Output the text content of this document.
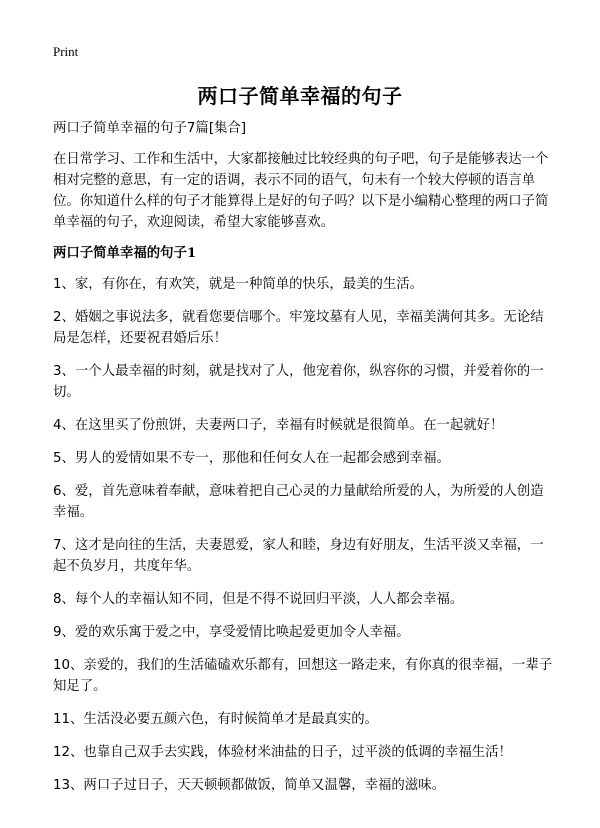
Print
两口子简单幸福的句子

两口子简单幸福的句子7篇[集合]

在日常学习、工作和生活中，大家都接触过比较经典的句子吧，句子是能够表达一个相对完整的意思，有一定的语调，表示不同的语气，句未有一个较大停顿的语言单位。你知道什么样的句子才能算得上是好的句子吗？以下是小编精心整理的两口子简单幸福的句子，欢迎阅读，希望大家能够喜欢。

两口子简单幸福的句子1

1、家，有你在，有欢笑，就是一种简单的快乐，最美的生活。

2、婚姻之事说法多，就看您要信哪个。牢笼坟墓有人见，幸福美满何其多。无论结局是怎样，还要祝君婚后乐！

3、一个人最幸福的时刻，就是找对了人，他宠着你，纵容你的习惯，并爱着你的一切。

4、在这里买了份煎饼，夫妻两口子，幸福有时候就是很简单。在一起就好！

5、男人的爱情如果不专一，那他和任何女人在一起都会感到幸福。

6、爱，首先意味着奉献，意味着把自己心灵的力量献给所爱的人，为所爱的人创造幸福。

7、这才是向往的生活，夫妻恩爱，家人和睦，身边有好朋友，生活平淡又幸福，一起不负岁月，共度年华。

8、每个人的幸福认知不同，但是不得不说回归平淡，人人都会幸福。

9、爱的欢乐寓于爱之中，享受爱情比唤起爱更加令人幸福。

10、亲爱的，我们的生活磕磕欢乐都有，回想这一路走来，有你真的很幸福，一辈子知足了。

11、生活没必要五颜六色，有时候简单才是最真实的。

12、也靠自己双手去实践，体验材米油盐的日子，过平淡的低调的幸福生活！

13、两口子过日子，天天顿顿都做饭，简单又温馨，幸福的滋味。
